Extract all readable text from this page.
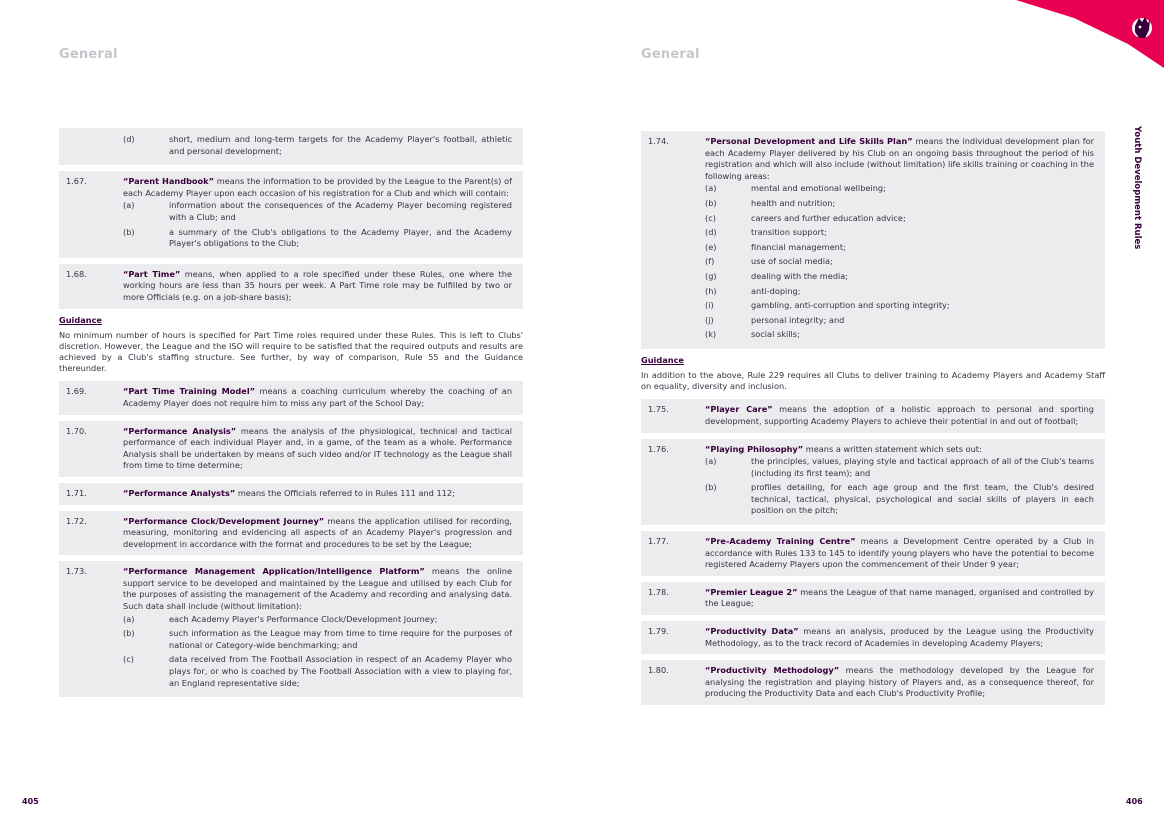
General
(d)	short, medium and long-term targets for the Academy Player's football, athletic and personal development;
1.67.	“Parent Handbook” means the information to be provided by the League to the Parent(s) of each Academy Player upon each occasion of his registration for a Club and which will contain:
(a)	information about the consequences of the Academy Player becoming registered with a Club; and
(b)	a summary of the Club's obligations to the Academy Player, and the Academy Player's obligations to the Club;
1.68.	“Part Time” means, when applied to a role specified under these Rules, one where the working hours are less than 35 hours per week. A Part Time role may be fulfilled by two or more Officials (e.g. on a job-share basis);
Guidance
No minimum number of hours is specified for Part Time roles required under these Rules. This is left to Clubs' discretion. However, the League and the ISO will require to be satisfied that the required outputs and results are achieved by a Club's staffing structure. See further, by way of comparison, Rule 55 and the Guidance thereunder.
1.69.	“Part Time Training Model” means a coaching curriculum whereby the coaching of an Academy Player does not require him to miss any part of the School Day;
1.70.	“Performance Analysis” means the analysis of the physiological, technical and tactical performance of each individual Player and, in a game, of the team as a whole. Performance Analysis shall be undertaken by means of such video and/or IT technology as the League shall from time to time determine;
1.71.	“Performance Analysts” means the Officials referred to in Rules 111 and 112;
1.72.	“Performance Clock/Development Journey” means the application utilised for recording, measuring, monitoring and evidencing all aspects of an Academy Player's progression and development in accordance with the format and procedures to be set by the League;
1.73.	“Performance Management Application/Intelligence Platform” means the online support service to be developed and maintained by the League and utilised by each Club for the purposes of assisting the management of the Academy and recording and analysing data. Such data shall include (without limitation):
(a)	each Academy Player's Performance Clock/Development Journey;
(b)	such information as the League may from time to time require for the purposes of national or Category-wide benchmarking; and
(c)	data received from The Football Association in respect of an Academy Player who plays for, or who is coached by The Football Association with a view to playing for, an England representative side;
405
General
1.74.	“Personal Development and Life Skills Plan” means the individual development plan for each Academy Player delivered by his Club on an ongoing basis throughout the period of his registration and which will also include (without limitation) life skills training or coaching in the following areas:
(a)	mental and emotional wellbeing;
(b)	health and nutrition;
(c)	careers and further education advice;
(d)	transition support;
(e)	financial management;
(f)	use of social media;
(g)	dealing with the media;
(h)	anti-doping;
(i)	gambling, anti-corruption and sporting integrity;
(j)	personal integrity; and
(k)	social skills;
Guidance
In addition to the above, Rule 229 requires all Clubs to deliver training to Academy Players and Academy Staff on equality, diversity and inclusion.
1.75.	“Player Care” means the adoption of a holistic approach to personal and sporting development, supporting Academy Players to achieve their potential in and out of football;
1.76.	“Playing Philosophy” means a written statement which sets out:
(a)	the principles, values, playing style and tactical approach of all of the Club's teams (including its first team); and
(b)	profiles detailing, for each age group and the first team, the Club's desired technical, tactical, physical, psychological and social skills of players in each position on the pitch;
1.77.	“Pre-Academy Training Centre” means a Development Centre operated by a Club in accordance with Rules 133 to 145 to identify young players who have the potential to become registered Academy Players upon the commencement of their Under 9 year;
1.78.	“Premier League 2” means the League of that name managed, organised and controlled by the League;
1.79.	“Productivity Data” means an analysis, produced by the League using the Productivity Methodology, as to the track record of Academies in developing Academy Players;
1.80.	“Productivity Methodology” means the methodology developed by the League for analysing the registration and playing history of Players and, as a consequence thereof, for producing the Productivity Data and each Club's Productivity Profile;
406
Youth Development Rules
